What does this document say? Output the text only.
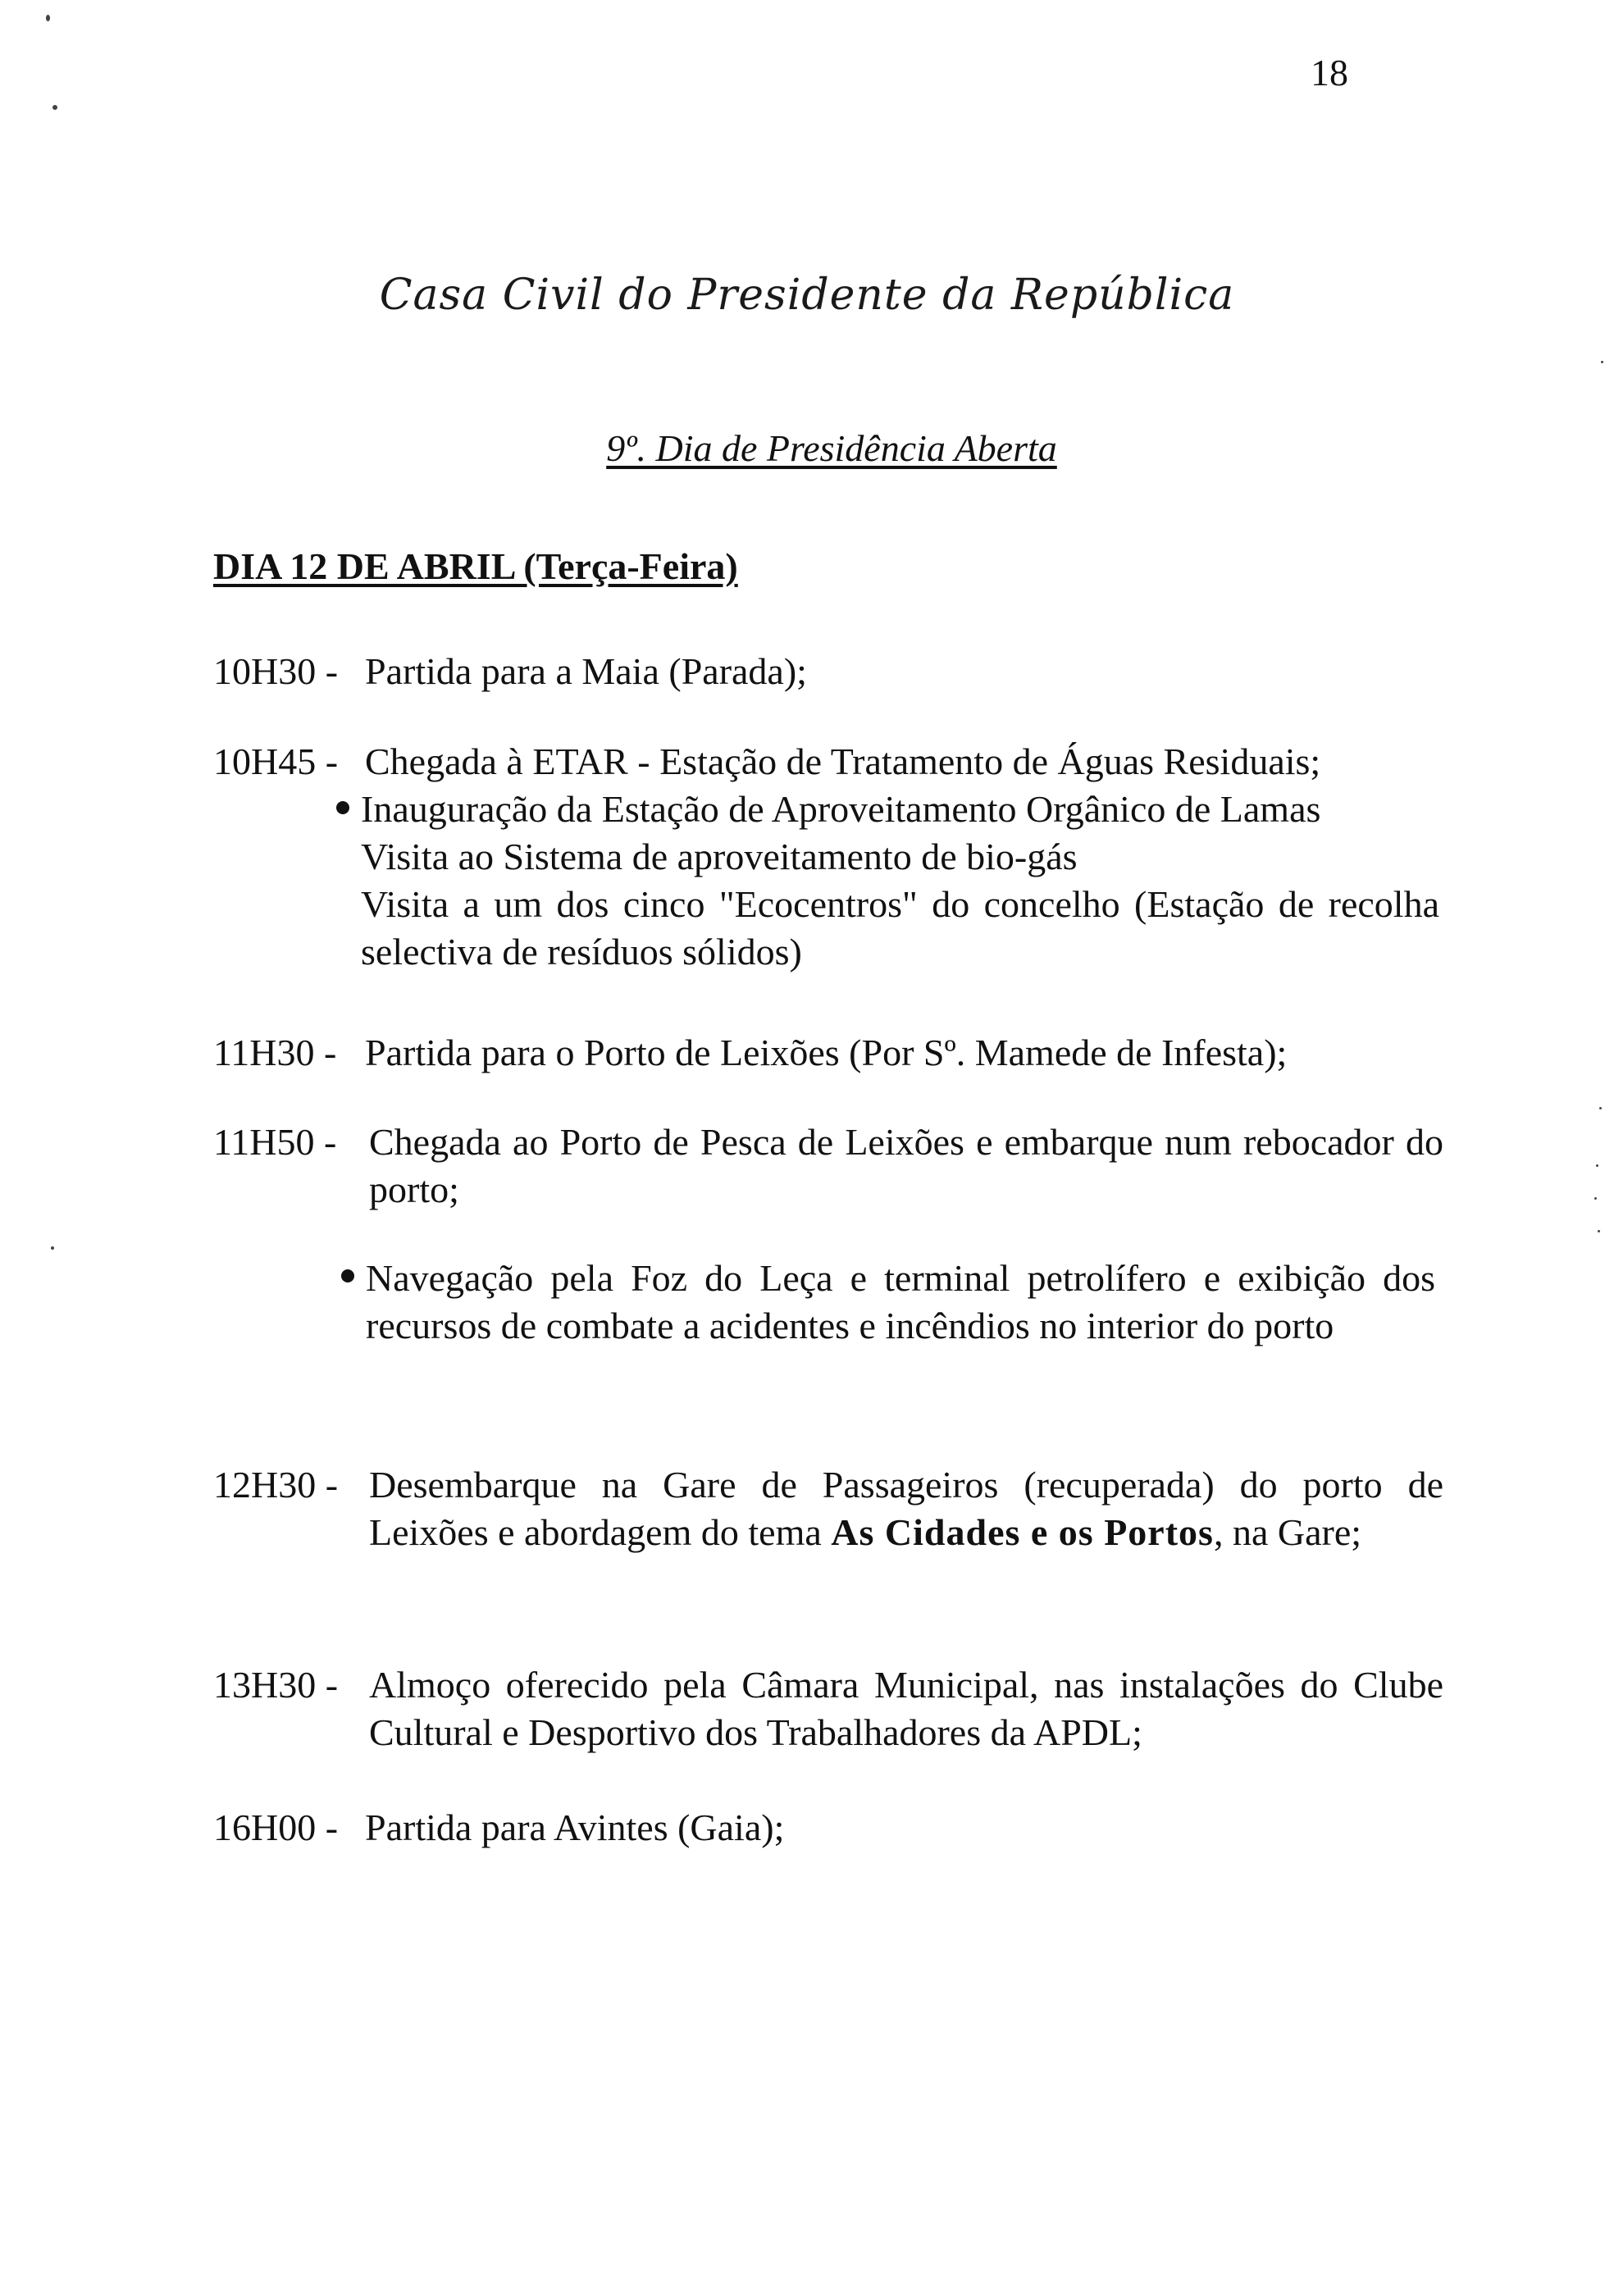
18
Casa Civil do Presidente da República
9º. Dia de Presidência Aberta
DIA 12 DE ABRIL (Terça-Feira)
10H30 - Partida para a Maia (Parada);
10H45 - Chegada à ETAR - Estação de Tratamento de Águas Residuais;
Inauguração da Estação de Aproveitamento Orgânico de Lamas
Visita ao Sistema de aproveitamento de bio-gás
Visita a um dos cinco "Ecocentros" do concelho (Estação de recolha selectiva de resíduos sólidos)
11H30 - Partida para o Porto de Leixões (Por Sº. Mamede de Infesta);
11H50 - Chegada ao Porto de Pesca de Leixões e embarque num rebocador do porto;
Navegação pela Foz do Leça e terminal petrolífero e exibição dos recursos de combate a acidentes e incêndios no interior do porto
12H30 - Desembarque na Gare de Passageiros (recuperada) do porto de Leixões e abordagem do tema As Cidades e os Portos, na Gare;
13H30 - Almoço oferecido pela Câmara Municipal, nas instalações do Clube Cultural e Desportivo dos Trabalhadores da APDL;
16H00 - Partida para Avintes (Gaia);
